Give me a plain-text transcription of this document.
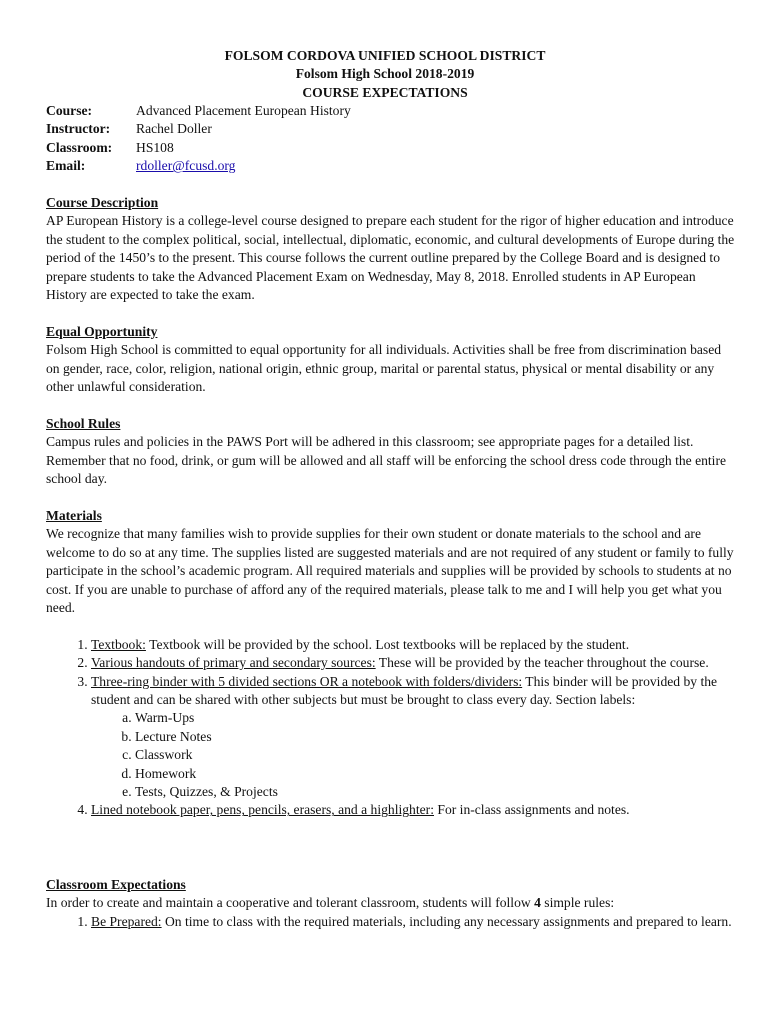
FOLSOM CORDOVA UNIFIED SCHOOL DISTRICT
Folsom High School 2018-2019
COURSE EXPECTATIONS
Course:	Advanced Placement European History
Instructor:	Rachel Doller
Classroom:	HS108
Email:	rdoller@fcusd.org
Course Description
AP European History is a college-level course designed to prepare each student for the rigor of higher education and introduce the student to the complex political, social, intellectual, diplomatic, economic, and cultural developments of Europe during the period of the 1450’s to the present. This course follows the current outline prepared by the College Board and is designed to prepare students to take the Advanced Placement Exam on Wednesday, May 8, 2018. Enrolled students in AP European History are expected to take the exam.
Equal Opportunity
Folsom High School is committed to equal opportunity for all individuals. Activities shall be free from discrimination based on gender, race, color, religion, national origin, ethnic group, marital or parental status, physical or mental disability or any other unlawful consideration.
School Rules
Campus rules and policies in the PAWS Port will be adhered in this classroom; see appropriate pages for a detailed list. Remember that no food, drink, or gum will be allowed and all staff will be enforcing the school dress code through the entire school day.
Materials
We recognize that many families wish to provide supplies for their own student or donate materials to the school and are welcome to do so at any time. The supplies listed are suggested materials and are not required of any student or family to fully participate in the school’s academic program. All required materials and supplies will be provided by schools to students at no cost. If you are unable to purchase of afford any of the required materials, please talk to me and I will help you get what you need.
1. Textbook: Textbook will be provided by the school. Lost textbooks will be replaced by the student.
2. Various handouts of primary and secondary sources: These will be provided by the teacher throughout the course.
3. Three-ring binder with 5 divided sections OR a notebook with folders/dividers: This binder will be provided by the student and can be shared with other subjects but must be brought to class every day. Section labels:
a. Warm-Ups
b. Lecture Notes
c. Classwork
d. Homework
e. Tests, Quizzes, & Projects
4. Lined notebook paper, pens, pencils, erasers, and a highlighter: For in-class assignments and notes.
Classroom Expectations
In order to create and maintain a cooperative and tolerant classroom, students will follow 4 simple rules:
1. Be Prepared: On time to class with the required materials, including any necessary assignments and prepared to learn.
